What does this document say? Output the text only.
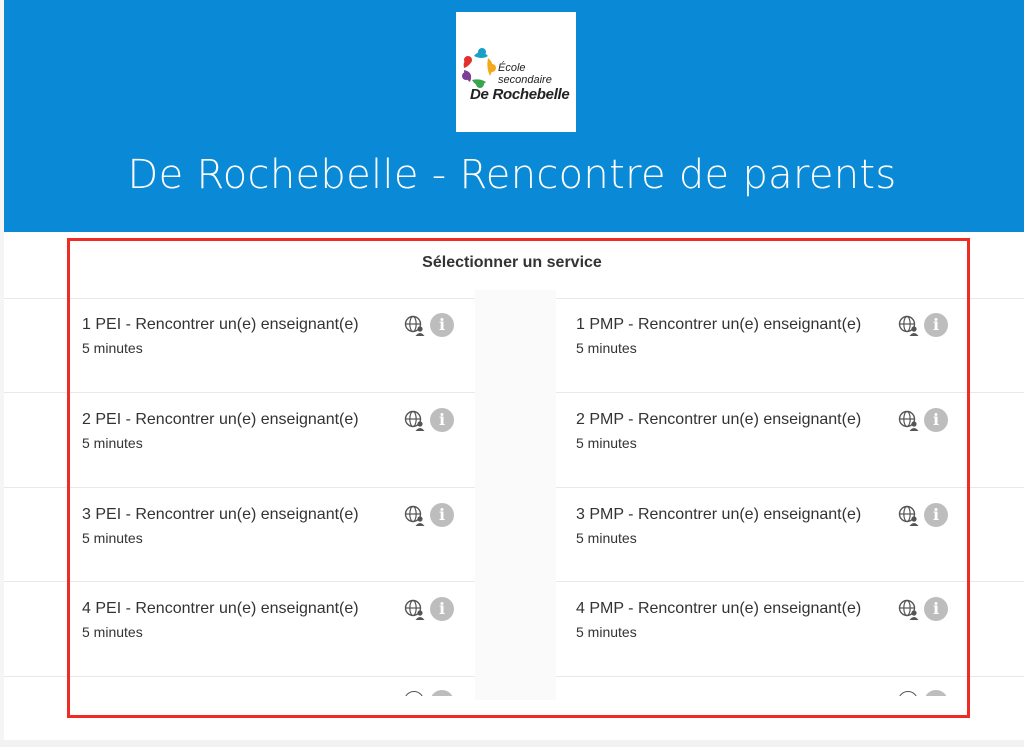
École
secondaire
De Rochebelle
De Rochebelle - Rencontre de parents
Sélectionner un service
1 PEI - Rencontrer un(e) enseignant(e)
5 minutes
i
2 PEI - Rencontrer un(e) enseignant(e)
5 minutes
i
3 PEI - Rencontrer un(e) enseignant(e)
5 minutes
i
4 PEI - Rencontrer un(e) enseignant(e)
5 minutes
i
1 PMP - Rencontrer un(e) enseignant(e)
5 minutes
i
2 PMP - Rencontrer un(e) enseignant(e)
5 minutes
i
3 PMP - Rencontrer un(e) enseignant(e)
5 minutes
i
4 PMP - Rencontrer un(e) enseignant(e)
5 minutes
i
